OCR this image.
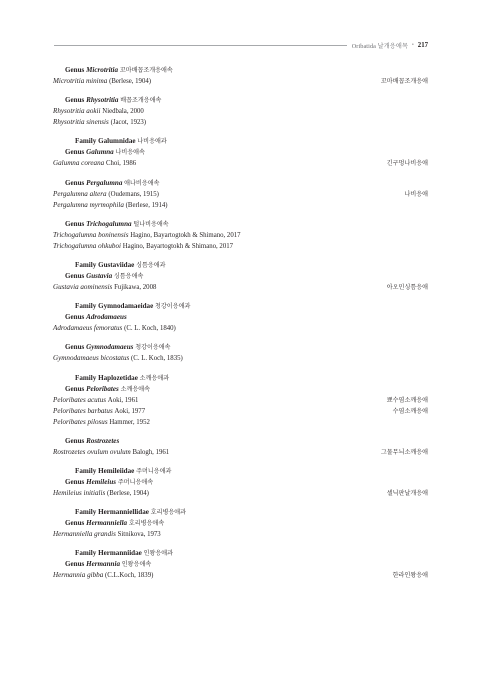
Oribatida 날개응애목 • 217
Genus Microtritia 꼬마배꼽조개응애속
Microtritia minima (Berlese, 1904)	꼬마배꼽조개응애
Genus Rhysotritia 배꼽조개응애속
Rhysotritia aokii Niedbala, 2000
Rhysotritia sinensis (Jacot, 1923)
Family Galumnidae 나비응애과
Genus Galumna 나비응애속
Galumna coreana Choi, 1986	긴구멍나비응애
Genus Pergalumna 애나비응애속
Pergalumna altera (Oudemans, 1915)	나비응애
Pergalumna myrmophila (Berlese, 1914)
Genus Trichogalumna 털나비응애속
Trichogalumna boninensis Hagino, Bayartogtokh & Shimano, 2017
Trichogalumna ohkuboi Hagino, Bayartogtokh & Shimano, 2017
Family Gustaviidae 싱틈응애과
Genus Gustavia 싱틈응애속
Gustavia aominensis Fujikawa, 2008	아오민싱틈응애
Family Gymnodamaeidae 청강이응애과
Genus Adrodamaeus
Adrodamaeus femoratus (C. L. Koch, 1840)
Genus Gymnodamaeus 청강이응애속
Gymnodamaeus bicostatus (C. L. Koch, 1835)
Family Haplozetidae 소깨응애과
Genus Peloribates 소깨응애속
Peloribates acutus Aoki, 1961	뾰수염소깨응애
Peloribates barbatus Aoki, 1977	수염소깨응애
Peloribates pilosus Hammer, 1952
Genus Rostrozetes
Rostrozetes ovulum ovulum Balogh, 1961	그물무늬소깨응애
Family Hemileiidae 주머니응애과
Genus Hemileius 주머니응애속
Hemileius initialis (Berlese, 1904)	셀닉판날개응애
Family Hermanniellidae 호리병응애과
Genus Hermanniella 호리병응애속
Hermanniella grandis Sitnikova, 1973
Family Hermanniidae 인왕응애과
Genus Hermannia 인왕응애속
Hermannia gibba (C.L.Koch, 1839)	한라인왕응애
